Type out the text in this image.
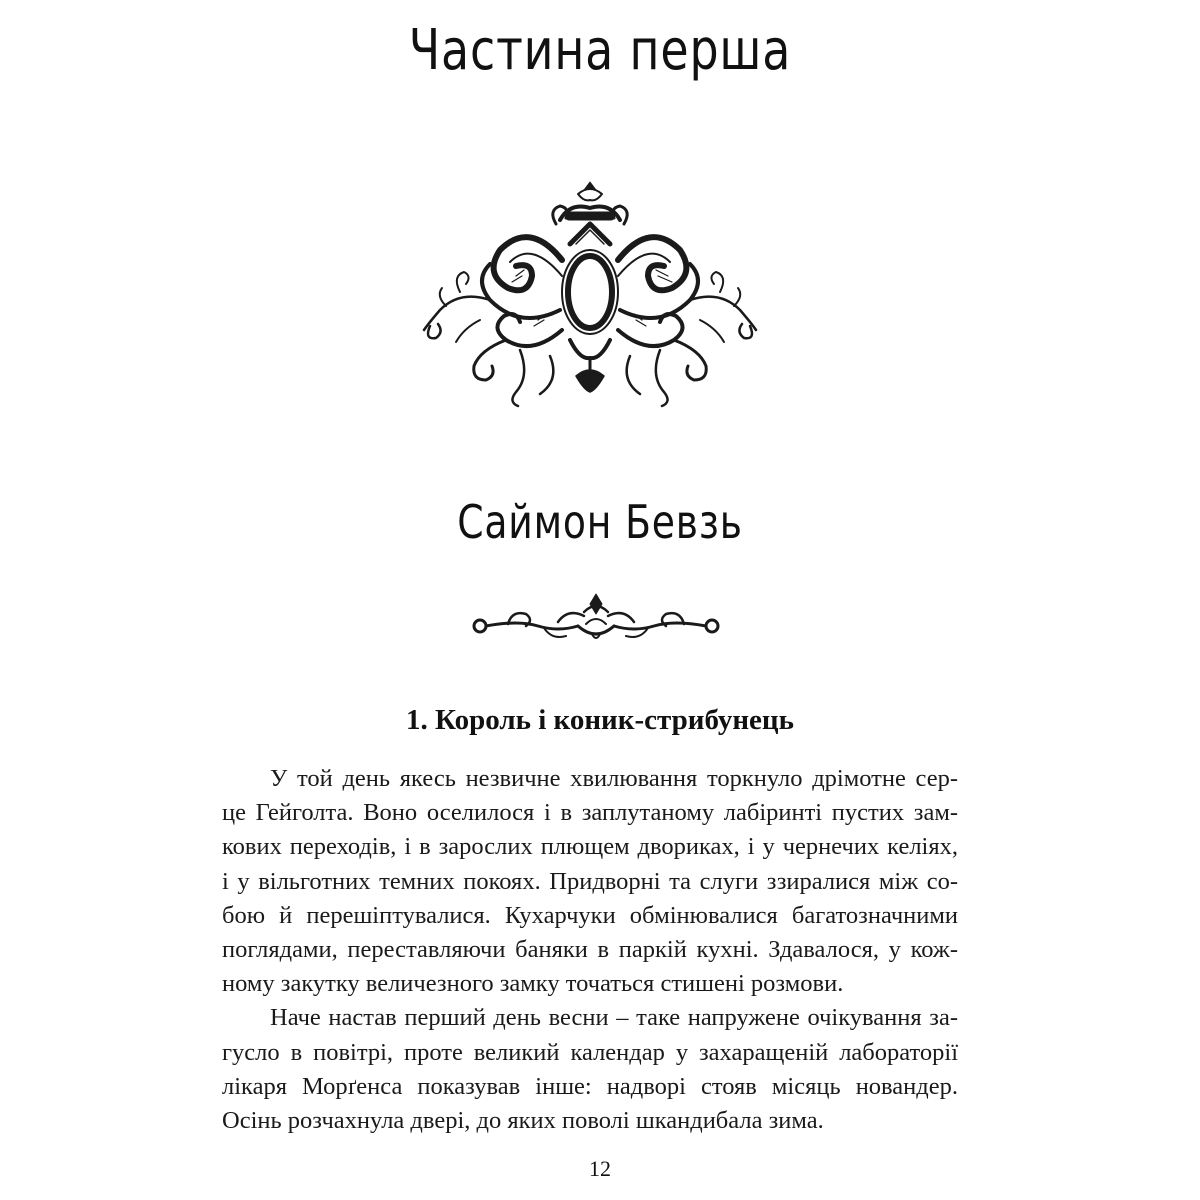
Частина перша
Саймон Бевзь
1. Король і коник-стрибунець
У той день якесь незвичне хвилювання торкнуло дрімотне сер-
це Гейголта. Воно оселилося і в заплутаному лабіринті пустих зам-
кових переходів, і в зарослих плющем двориках, і у чернечих келіях,
і у вільготних темних покоях. Придворні та слуги ззиралися між со-
бою й перешіптувалися. Кухарчуки обмінювалися багатозначними
поглядами, переставляючи баняки в паркій кухні. Здавалося, у кож-
ному закутку величезного замку точаться стишені розмови.
Наче настав перший день весни – таке напружене очікування за-
гусло в повітрі, проте великий календар у захаращеній лабораторії
лікаря Морґенса показував інше: надворі стояв місяць новандер.
Осінь розчахнула двері, до яких поволі шкандибала зима.
12
